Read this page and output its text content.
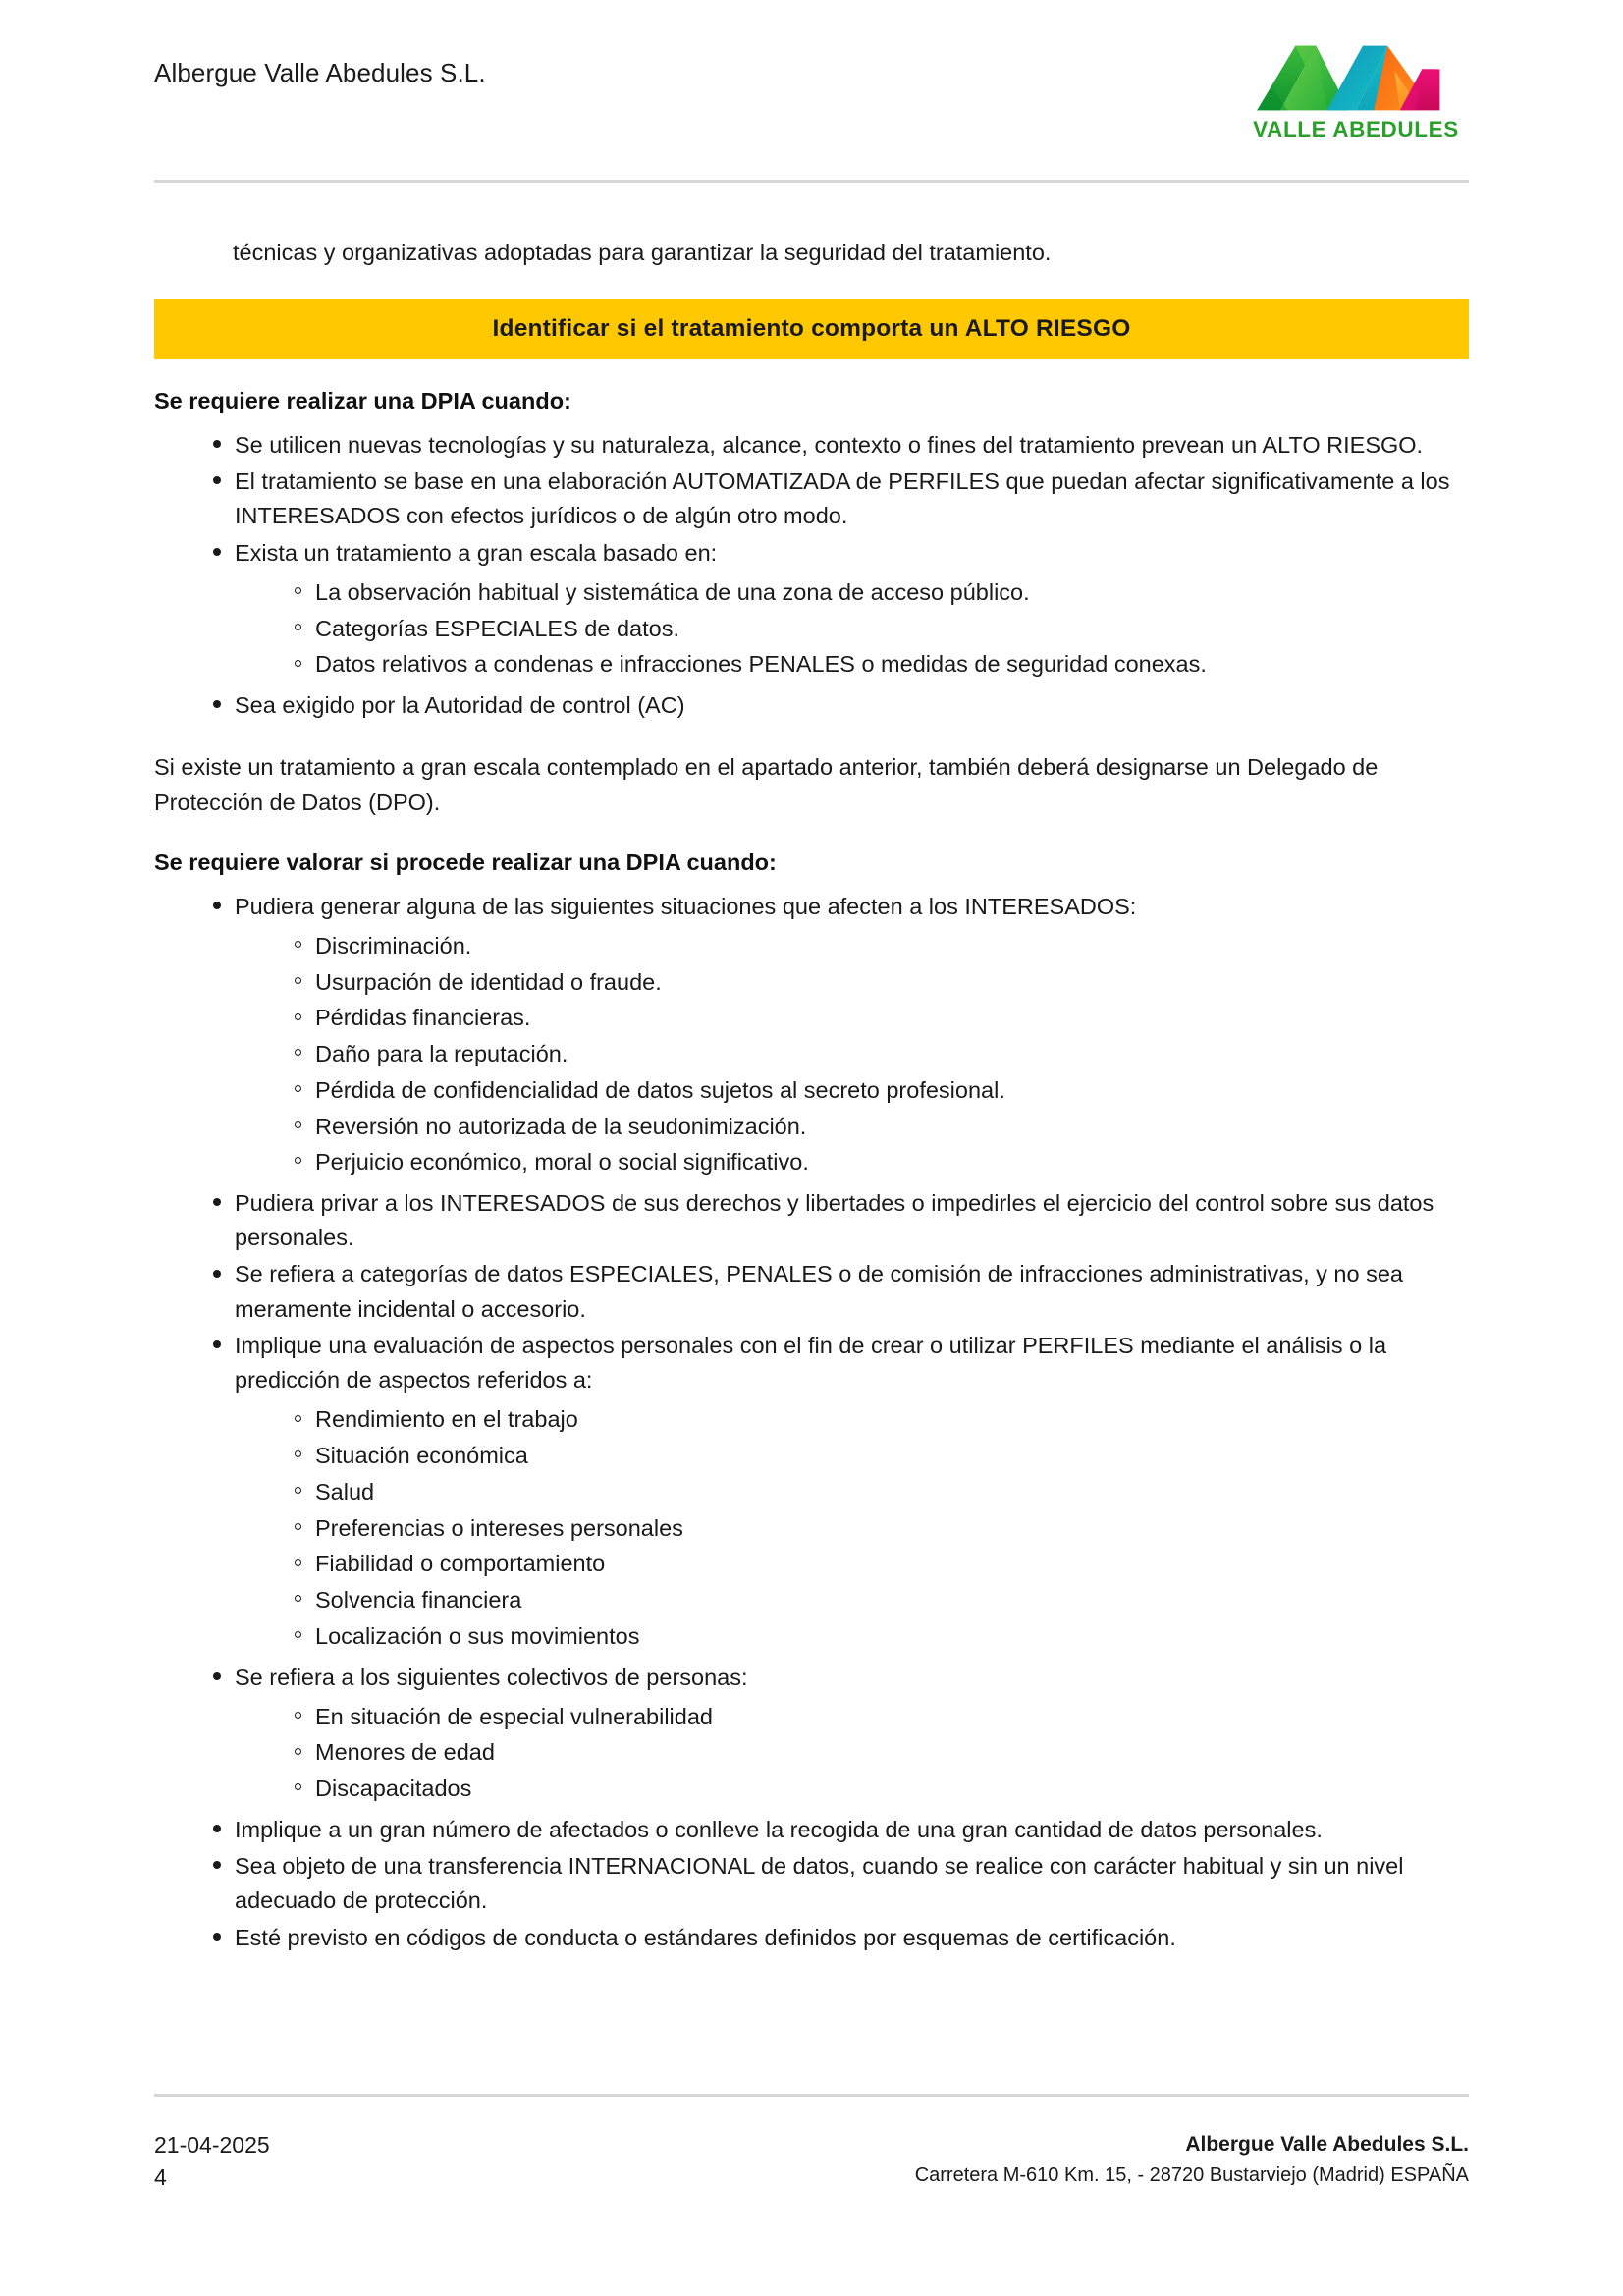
Albergue Valle Abedules S.L.
VALLE ABEDULES
técnicas y organizativas adoptadas para garantizar la seguridad del tratamiento.
Identificar si el tratamiento comporta un ALTO RIESGO
Se requiere realizar una DPIA cuando:
Se utilicen nuevas tecnologías y su naturaleza, alcance, contexto o fines del tratamiento prevean un ALTO RIESGO.
El tratamiento se base en una elaboración AUTOMATIZADA de PERFILES que puedan afectar significativamente a los INTERESADOS con efectos jurídicos o de algún otro modo.
Exista un tratamiento a gran escala basado en:
La observación habitual y sistemática de una zona de acceso público.
Categorías ESPECIALES de datos.
Datos relativos a condenas e infracciones PENALES o medidas de seguridad conexas.
Sea exigido por la Autoridad de control (AC)

Si existe un tratamiento a gran escala contemplado en el apartado anterior, también deberá designarse un Delegado de Protección de Datos (DPO).

Se requiere valorar si procede realizar una DPIA cuando:
Pudiera generar alguna de las siguientes situaciones que afecten a los INTERESADOS:
Discriminación.
Usurpación de identidad o fraude.
Pérdidas financieras.
Daño para la reputación.
Pérdida de confidencialidad de datos sujetos al secreto profesional.
Reversión no autorizada de la seudonimización.
Perjuicio económico, moral o social significativo.
Pudiera privar a los INTERESADOS de sus derechos y libertades o impedirles el ejercicio del control sobre sus datos personales.
Se refiera a categorías de datos ESPECIALES, PENALES o de comisión de infracciones administrativas, y no sea meramente incidental o accesorio.
Implique una evaluación de aspectos personales con el fin de crear o utilizar PERFILES mediante el análisis o la predicción de aspectos referidos a:
Rendimiento en el trabajo
Situación económica
Salud
Preferencias o intereses personales
Fiabilidad o comportamiento
Solvencia financiera
Localización o sus movimientos
Se refiera a los siguientes colectivos de personas:
En situación de especial vulnerabilidad
Menores de edad
Discapacitados
Implique a un gran número de afectados o conlleve la recogida de una gran cantidad de datos personales.
Sea objeto de una transferencia INTERNACIONAL de datos, cuando se realice con carácter habitual y sin un nivel adecuado de protección.
Esté previsto en códigos de conducta o estándares definidos por esquemas de certificación.
21-04-2025
4
Albergue Valle Abedules S.L.
Carretera M-610 Km. 15, - 28720 Bustarviejo (Madrid) ESPAÑA
